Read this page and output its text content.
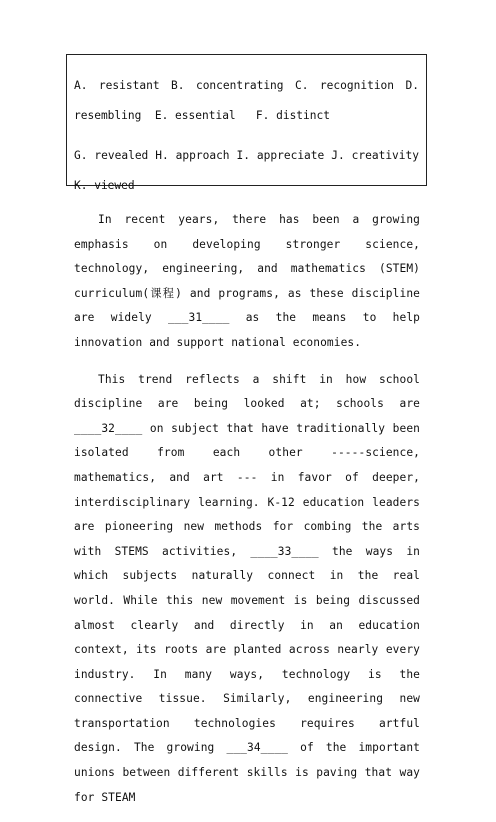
A. resistant B. concentrating C. recognition D.
resembling E. essential F. distinct
G. revealed H. approach I. appreciate J. creativity
K. viewed

In recent years, there has been a growing emphasis on developing stronger science, technology, engineering, and mathematics (STEM) curriculum(课程) and programs, as these discipline are widely ___31____ as the means to help innovation and support national economies.

This trend reflects a shift in how school discipline are being looked at; schools are ____32____ on subject that have traditionally been isolated from each other -----science, mathematics, and art --- in favor of deeper, interdisciplinary learning. K-12 education leaders are pioneering new methods for combing the arts with STEMS activities, ____33____ the ways in which subjects naturally connect in the real world. While this new movement is being discussed almost clearly and directly in an education context, its roots are planted across nearly every industry. In many ways, technology is the connective tissue. Similarly, engineering new transportation technologies requires artful design. The growing ___34____ of the important unions between different skills is paving that way for STEAM
